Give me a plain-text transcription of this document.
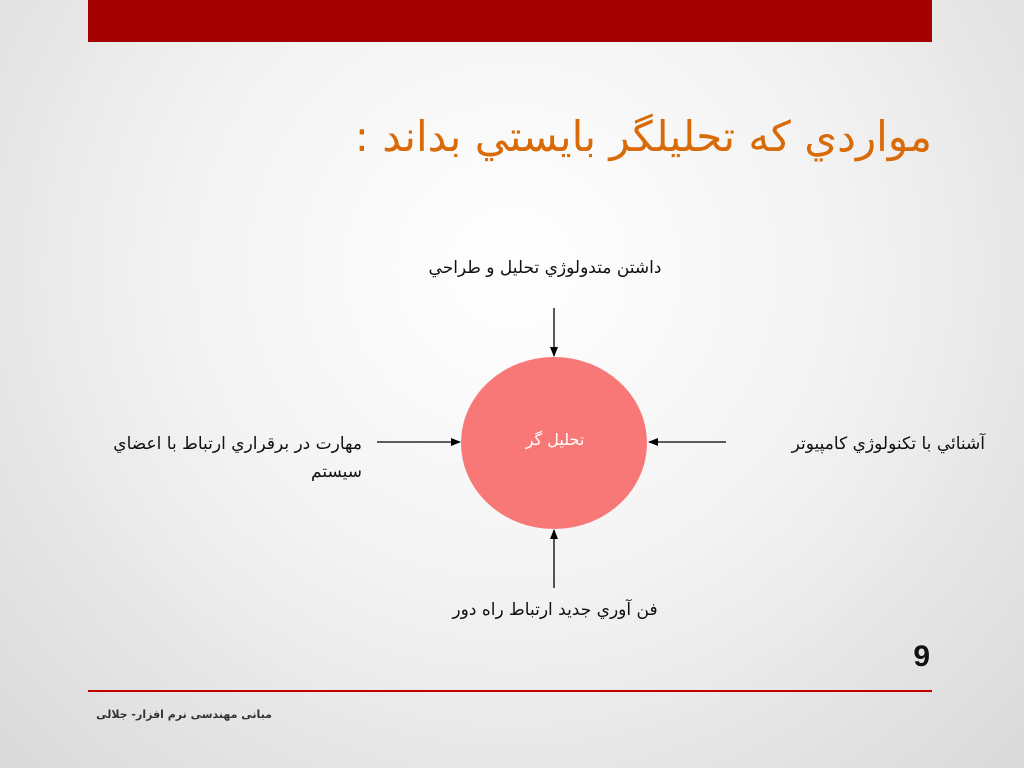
مواردي كه تحليلگر بايستي بداند :
تحليل گر
داشتن متدولوژي تحليل و طراحي
آشنائي با تكنولوژي كامپيوتر
مهارت در برقراري ارتباط با اعضاي سيستم
فن آوري جديد ارتباط راه دور
9
مبانی مهندسی نرم افزار- جلالی
